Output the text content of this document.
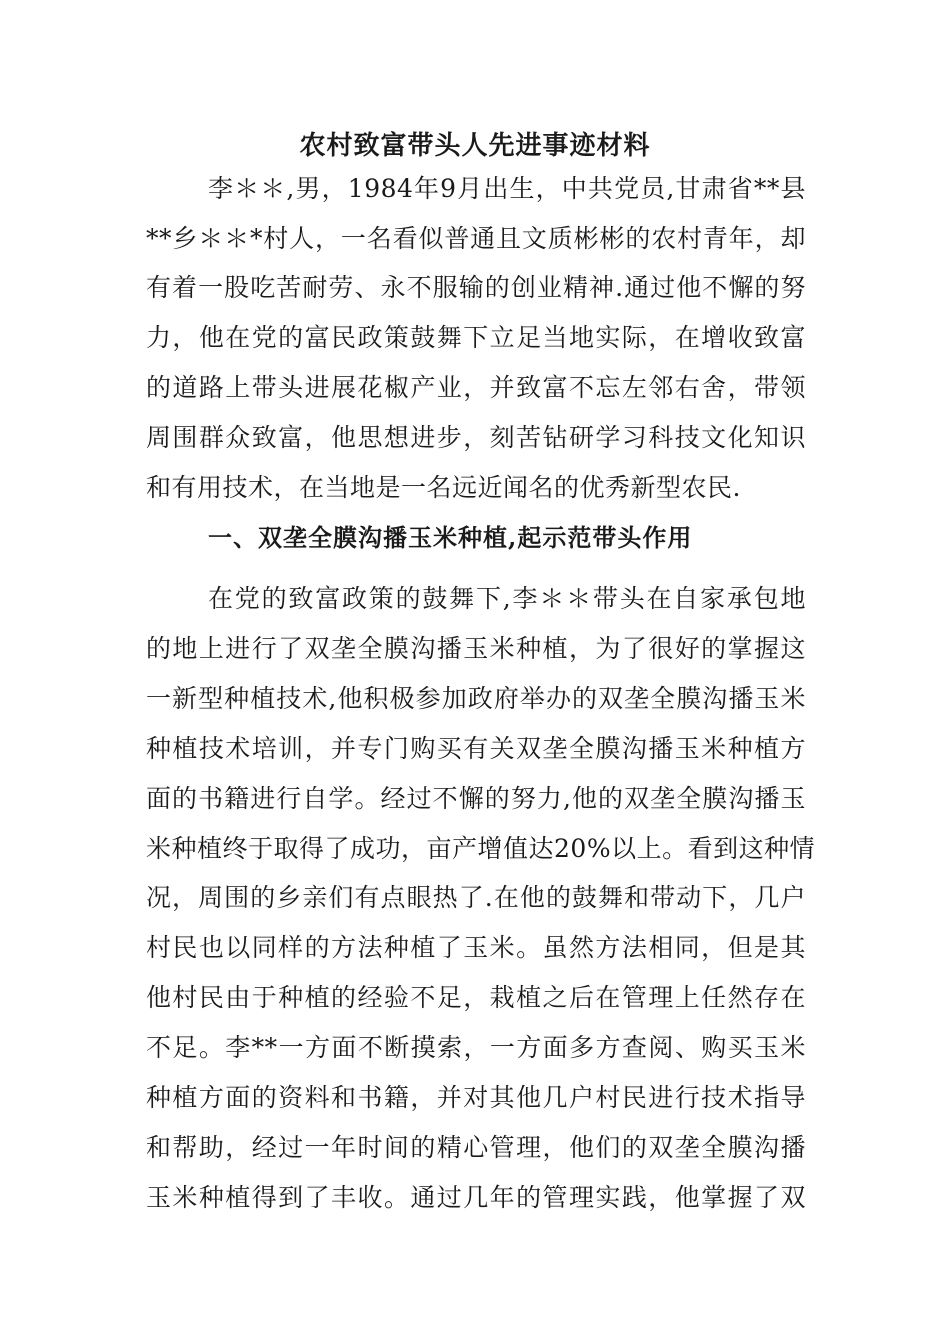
农村致富带头人先进事迹材料
李＊＊,男，1984年9月出生，中共党员,甘肃省**县
**乡＊＊*村人，一名看似普通且文质彬彬的农村青年，却
有着一股吃苦耐劳、永不服输的创业精神.通过他不懈的努
力，他在党的富民政策鼓舞下立足当地实际，在增收致富
的道路上带头进展花椒产业，并致富不忘左邻右舍，带领
周围群众致富，他思想进步，刻苦钻研学习科技文化知识
和有用技术，在当地是一名远近闻名的优秀新型农民.
一、双垄全膜沟播玉米种植,起示范带头作用
在党的致富政策的鼓舞下,李＊＊带头在自家承包地
的地上进行了双垄全膜沟播玉米种植，为了很好的掌握这
一新型种植技术,他积极参加政府举办的双垄全膜沟播玉米
种植技术培训，并专门购买有关双垄全膜沟播玉米种植方
面的书籍进行自学。经过不懈的努力,他的双垄全膜沟播玉
米种植终于取得了成功，亩产增值达20%以上。看到这种情
况，周围的乡亲们有点眼热了.在他的鼓舞和带动下，几户
村民也以同样的方法种植了玉米。虽然方法相同，但是其
他村民由于种植的经验不足，栽植之后在管理上任然存在
不足。李**一方面不断摸索，一方面多方查阅、购买玉米
种植方面的资料和书籍，并对其他几户村民进行技术指导
和帮助，经过一年时间的精心管理，他们的双垄全膜沟播
玉米种植得到了丰收。通过几年的管理实践，他掌握了双
